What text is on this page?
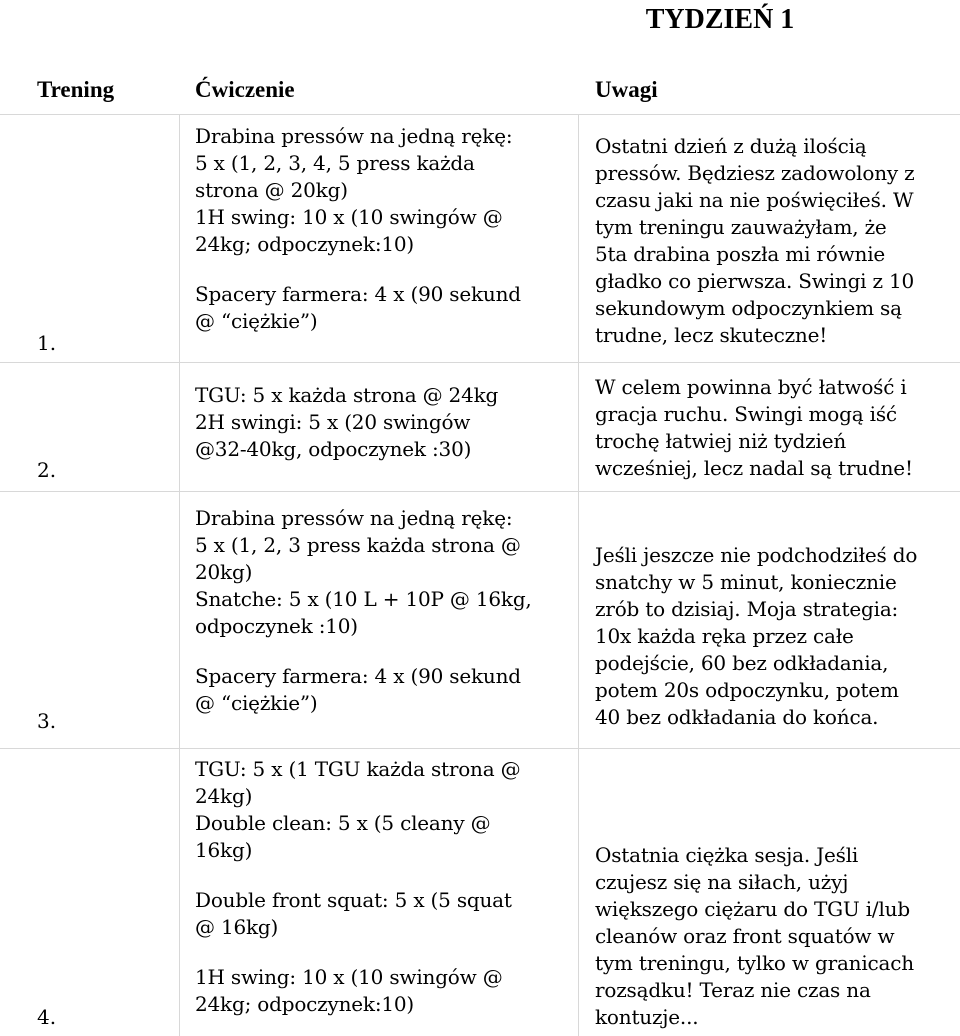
TYDZIEŃ 1
Trening	Ćwiczenie	Uwagi
1.
Drabina pressów na jedną rękę:
5 x (1, 2, 3, 4, 5 press każda
strona @ 20kg)
1H swing: 10 x (10 swingów @
24kg; odpoczynek:10)
Spacery farmera: 4 x (90 sekund
@ “ciężkie”)
Ostatni dzień z dużą ilością
pressów. Będziesz zadowolony z
czasu jaki na nie poświęciłeś. W
tym treningu zauważyłam, że
5ta drabina poszła mi równie
gładko co pierwsza. Swingi z 10
sekundowym odpoczynkiem są
trudne, lecz skuteczne!
2.
TGU: 5 x każda strona @ 24kg
2H swingi: 5 x (20 swingów
@32-40kg, odpoczynek :30)
W celem powinna być łatwość i
gracja ruchu. Swingi mogą iść
trochę łatwiej niż tydzień
wcześniej, lecz nadal są trudne!
3.
Drabina pressów na jedną rękę:
5 x (1, 2, 3 press każda strona @
20kg)
Snatche: 5 x (10 L + 10P @ 16kg,
odpoczynek :10)
Spacery farmera: 4 x (90 sekund
@ “ciężkie”)
Jeśli jeszcze nie podchodziłeś do
snatchy w 5 minut, koniecznie
zrób to dzisiaj. Moja strategia:
10x każda ręka przez całe
podejście, 60 bez odkładania,
potem 20s odpoczynku, potem
40 bez odkładania do końca.
4.
TGU: 5 x (1 TGU każda strona @
24kg)
Double clean: 5 x (5 cleany @
16kg)
Double front squat: 5 x (5 squat
@ 16kg)
1H swing: 10 x (10 swingów @
24kg; odpoczynek:10)
Ostatnia ciężka sesja. Jeśli
czujesz się na siłach, użyj
większego ciężaru do TGU i/lub
cleanów oraz front squatów w
tym treningu, tylko w granicach
rozsądku! Teraz nie czas na
kontuzje...
